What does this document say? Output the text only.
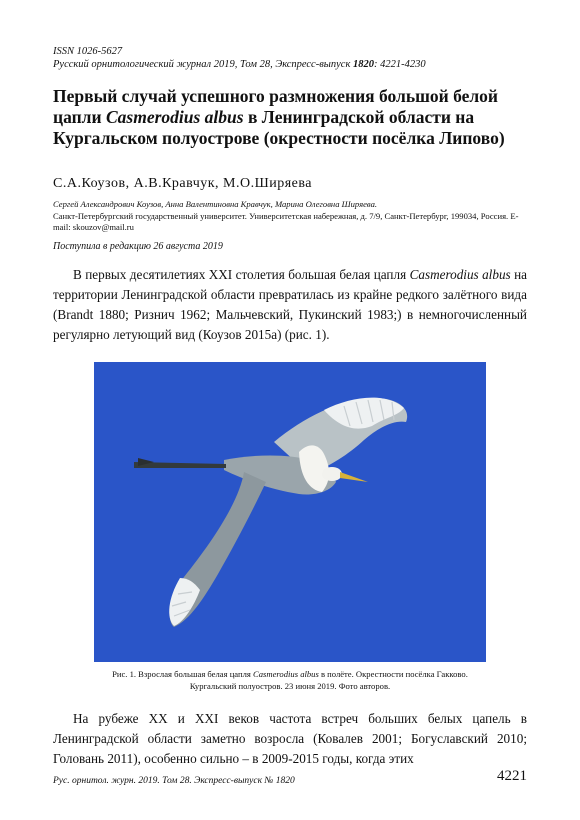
ISSN 1026-5627
Русский орнитологический журнал 2019, Том 28, Экспресс-выпуск 1820: 4221-4230
Первый случай успешного размножения большой белой цапли Casmerodius albus в Ленинградской области на Кургальском полуострове (окрестности посёлка Липово)
С.А.Коузов, А.В.Кравчук, М.О.Ширяева
Сергей Александрович Коузов, Анна Валентиновна Кравчук, Марина Олеговна Ширяева.
Санкт-Петербургский государственный университет. Университетская набережная, д. 7/9, Санкт-Петербург, 199034, Россия. E-mail: skouzov@mail.ru
Поступила в редакцию 26 августа 2019
В первых десятилетиях XXI столетия большая белая цапля Casmerodius albus на территории Ленинградской области превратилась из крайне редкого залётного вида (Brandt 1880; Ризнич 1962; Мальчевский, Пукинский 1983;) в немногочисленный регулярно летующий вид (Коузов 2015а) (рис. 1).
Рис. 1. Взрослая большая белая цапля Casmerodius albus в полёте. Окрестности посёлка Гакково. Кургальский полуостров. 23 июня 2019. Фото авторов.
На рубеже XX и XXI веков частота встреч больших белых цапель в Ленинградской области заметно возросла (Ковалев 2001; Богуславский 2010; Головань 2011), особенно сильно – в 2009-2015 годы, когда этих
Рус. орнитол. журн. 2019. Том 28. Экспресс-выпуск № 1820	4221
